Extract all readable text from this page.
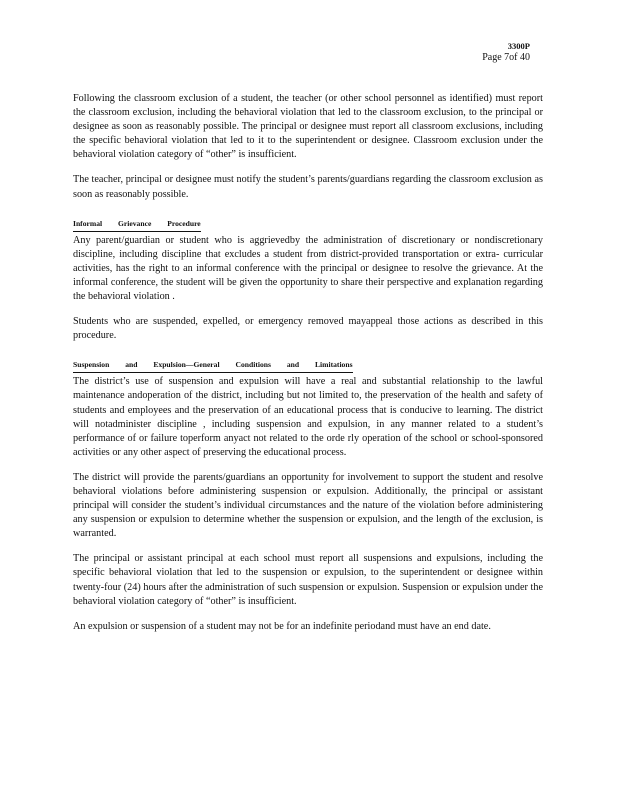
3300P
Page 7of 40

Following the classroom exclusion of a student, the teacher (or other school personnel as identified) must report the classroom exclusion, including the behavioral violation that led to the classroom exclusion, to the principal or designee as soon as reasonably possible. The principal or designee must report all classroom exclusions, including the specific behavioral violation that led to it to the superintendent or designee. Classroom exclusion under the behavioral violation category of “other” is insufficient.

The teacher, principal or designee must notify the student’s parents/guardians regarding the classroom exclusion as soon as reasonably possible.

Informal Grievance Procedure

Any parent/guardian or student who is aggrievedby the administration of discretionary or nondiscretionary discipline, including discipline that excludes a student from district-provided transportation or extra- curricular activities, has the right to an informal conference with the principal or designee to resolve the grievance. At the informal conference, the student will be given the opportunity to share their perspective and explanation regarding the behavioral violation .

Students who are suspended, expelled, or emergency removed mayappeal those actions as described in this procedure.

Suspension and Expulsion—General Conditions and Limitations

The district’s use of suspension and expulsion will have a real and substantial relationship to the lawful maintenance andoperation of the district, including but not limited to, the preservation of the health and safety of students and employees and the preservation of an educational process that is conducive to learning. The district will notadminister discipline , including suspension and expulsion, in any manner related to a student’s performance of or failure toperform anyact not related to the orde rly operation of the school or school-sponsored activities or any other aspect of preserving the educational process.

The district will provide the parents/guardians an opportunity for involvement to support the student and resolve behavioral violations before administering suspension or expulsion. Additionally, the principal or assistant principal will consider the student’s individual circumstances and the nature of the violation before administering any suspension or expulsion to determine whether the suspension or expulsion, and the length of the exclusion, is warranted.

The principal or assistant principal at each school must report all suspensions and expulsions, including the specific behavioral violation that led to the suspension or expulsion, to the superintendent or designee within twenty-four (24) hours after the administration of such suspension or expulsion. Suspension or expulsion under the behavioral violation category of “other” is insufficient.

An expulsion or suspension of a student may not be for an indefinite periodand must have an end date.
